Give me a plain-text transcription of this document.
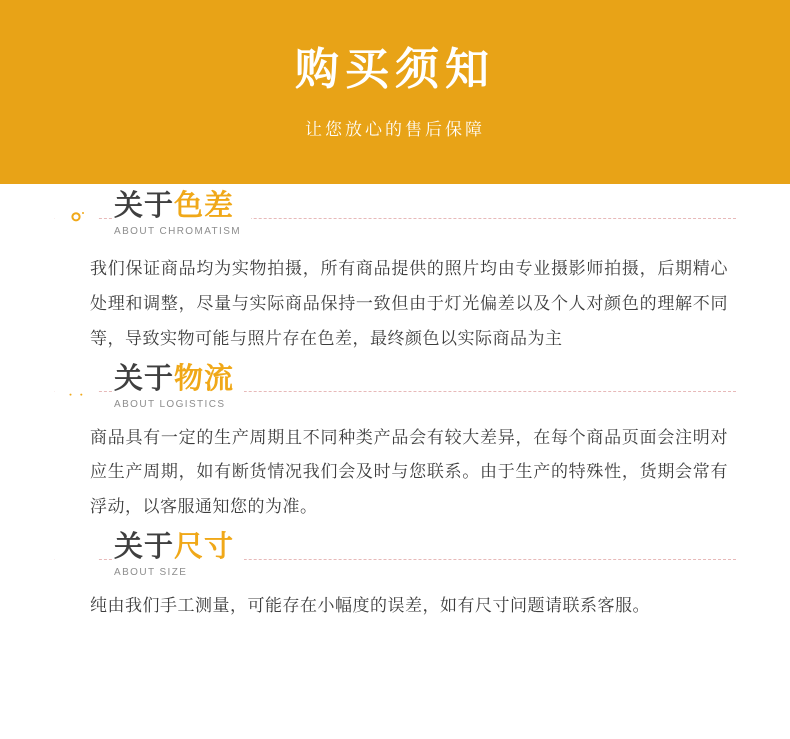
购买须知
让您放心的售后保障
关于色差
ABOUT CHROMATISM

我们保证商品均为实物拍摄，所有商品提供的照片均由专业摄影师拍摄，后期精心处理和调整，尽量与实际商品保持一致但由于灯光偏差以及个人对颜色的理解不同等，导致实物可能与照片存在色差，最终颜色以实际商品为主

关于物流
ABOUT LOGISTICS

商品具有一定的生产周期且不同种类产品会有较大差异，在每个商品页面会注明对应生产周期，如有断货情况我们会及时与您联系。由于生产的特殊性，货期会常有浮动，以客服通知您的为准。

关于尺寸
ABOUT SIZE

纯由我们手工测量，可能存在小幅度的误差，如有尺寸问题请联系客服。
